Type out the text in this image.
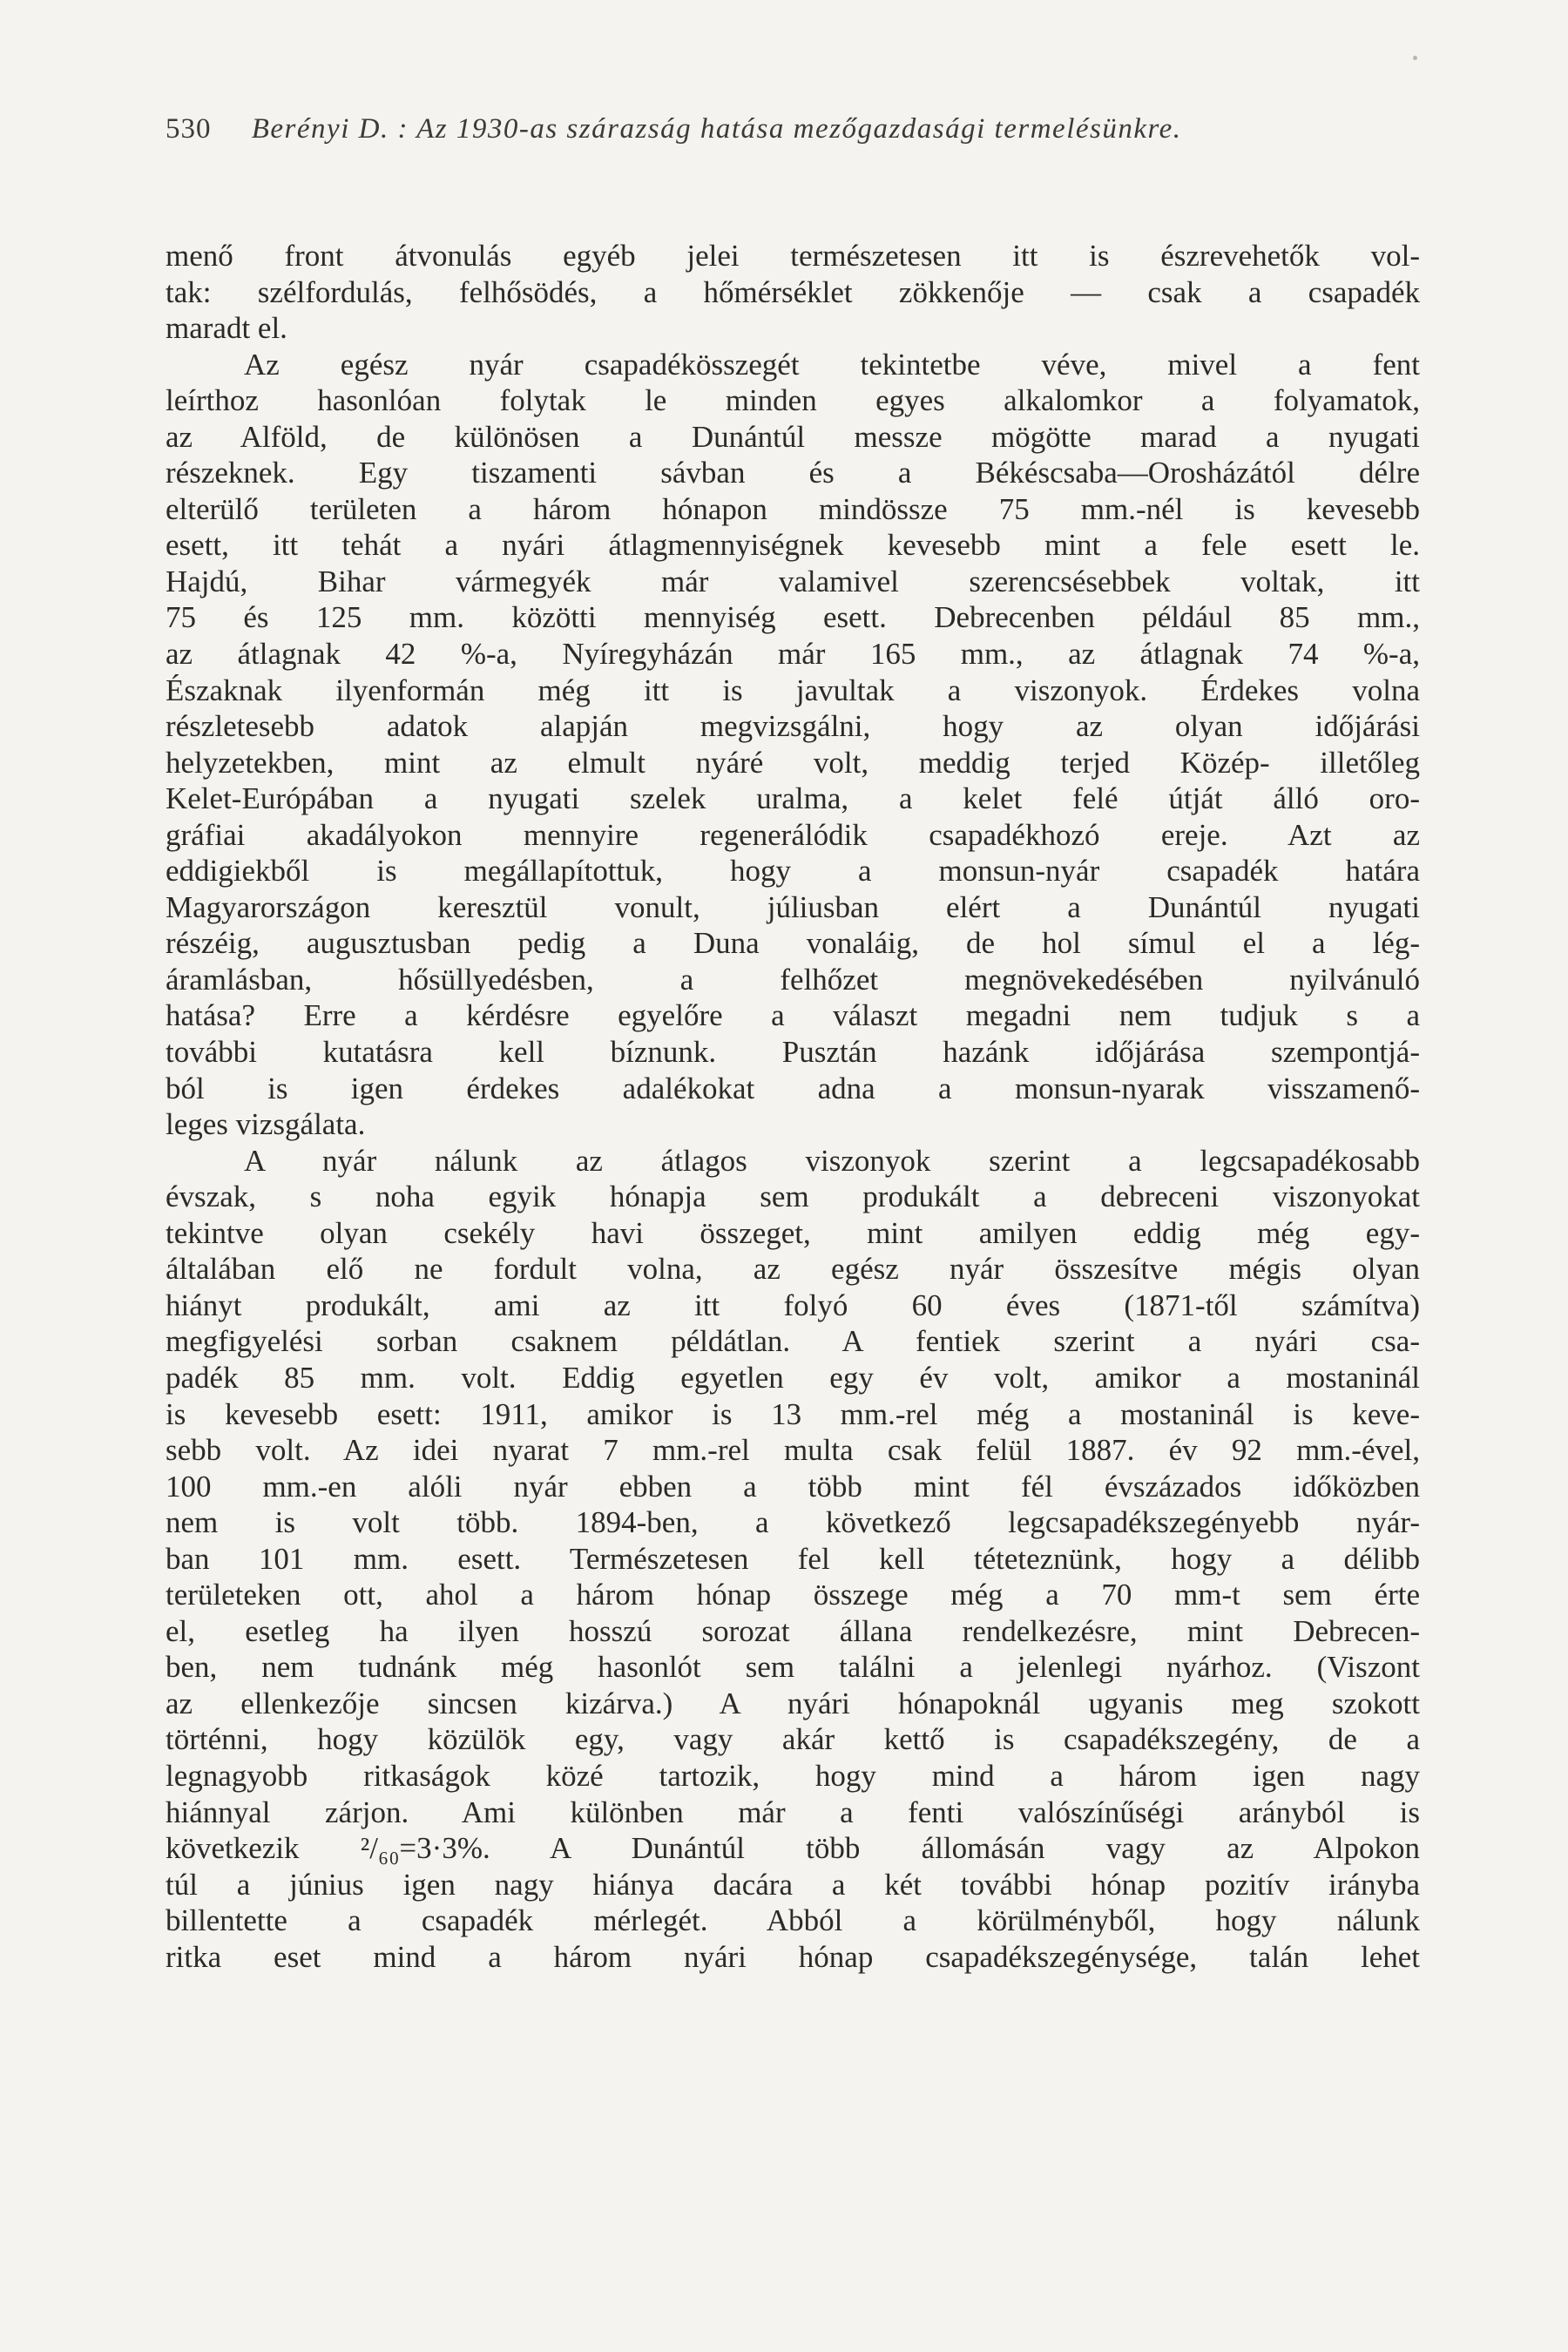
530 Berényi D. : Az 1930-as szárazság hatása mezőgazdasági termelésünkre.
menő front átvonulás egyéb jelei természetesen itt is észrevehetők vol-
tak: szélfordulás, felhősödés, a hőmérséklet zökkenője — csak a csapadék
maradt el.
Az egész nyár csapadékösszegét tekintetbe véve, mivel a fent
leírthoz hasonlóan folytak le minden egyes alkalomkor a folyamatok,
az Alföld, de különösen a Dunántúl messze mögötte marad a nyugati
részeknek. Egy tiszamenti sávban és a Békéscsaba—Orosházától délre
elterülő területen a három hónapon mindössze 75 mm.-nél is kevesebb
esett, itt tehát a nyári átlagmennyiségnek kevesebb mint a fele esett le.
Hajdú, Bihar vármegyék már valamivel szerencsésebbek voltak, itt
75 és 125 mm. közötti mennyiség esett. Debrecenben például 85 mm.,
az átlagnak 42 %-a, Nyíregyházán már 165 mm., az átlagnak 74 %-a,
Északnak ilyenformán még itt is javultak a viszonyok. Érdekes volna
részletesebb adatok alapján megvizsgálni, hogy az olyan időjárási
helyzetekben, mint az elmult nyáré volt, meddig terjed Közép- illetőleg
Kelet-Európában a nyugati szelek uralma, a kelet felé útját álló oro-
gráfiai akadályokon mennyire regenerálódik csapadékhozó ereje. Azt az
eddigiekből is megállapítottuk, hogy a monsun-nyár csapadék határa
Magyarországon keresztül vonult, júliusban elért a Dunántúl nyugati
részéig, augusztusban pedig a Duna vonaláig, de hol símul el a lég-
áramlásban, hősüllyedésben, a felhőzet megnövekedésében nyilvánuló
hatása? Erre a kérdésre egyelőre a választ megadni nem tudjuk s a
további kutatásra kell bíznunk. Pusztán hazánk időjárása szempontjá-
ból is igen érdekes adalékokat adna a monsun-nyarak visszamenő-
leges vizsgálata.
A nyár nálunk az átlagos viszonyok szerint a legcsapadékosabb
évszak, s noha egyik hónapja sem produkált a debreceni viszonyokat
tekintve olyan csekély havi összeget, mint amilyen eddig még egy-
általában elő ne fordult volna, az egész nyár összesítve mégis olyan
hiányt produkált, ami az itt folyó 60 éves (1871-től számítva)
megfigyelési sorban csaknem példátlan. A fentiek szerint a nyári csa-
padék 85 mm. volt. Eddig egyetlen egy év volt, amikor a mostaninál
is kevesebb esett: 1911, amikor is 13 mm.-rel még a mostaninál is keve-
sebb volt. Az idei nyarat 7 mm.-rel multa csak felül 1887. év 92 mm.-ével,
100 mm.-en alóli nyár ebben a több mint fél évszázados időközben
nem is volt több. 1894-ben, a következő legcsapadékszegényebb nyár-
ban 101 mm. esett. Természetesen fel kell téteteznünk, hogy a délibb
területeken ott, ahol a három hónap összege még a 70 mm-t sem érte
el, esetleg ha ilyen hosszú sorozat állana rendelkezésre, mint Debrecen-
ben, nem tudnánk még hasonlót sem találni a jelenlegi nyárhoz. (Viszont
az ellenkezője sincsen kizárva.) A nyári hónapoknál ugyanis meg szokott
történni, hogy közülök egy, vagy akár kettő is csapadékszegény, de a
legnagyobb ritkaságok közé tartozik, hogy mind a három igen nagy
hiánnyal zárjon. Ami különben már a fenti valószínűségi arányból is
következik ²/₆₀=3·3%. A Dunántúl több állomásán vagy az Alpokon
túl a június igen nagy hiánya dacára a két további hónap pozitív irányba
billentette a csapadék mérlegét. Abból a körülményből, hogy nálunk
ritka eset mind a három nyári hónap csapadékszegénysége, talán lehet
